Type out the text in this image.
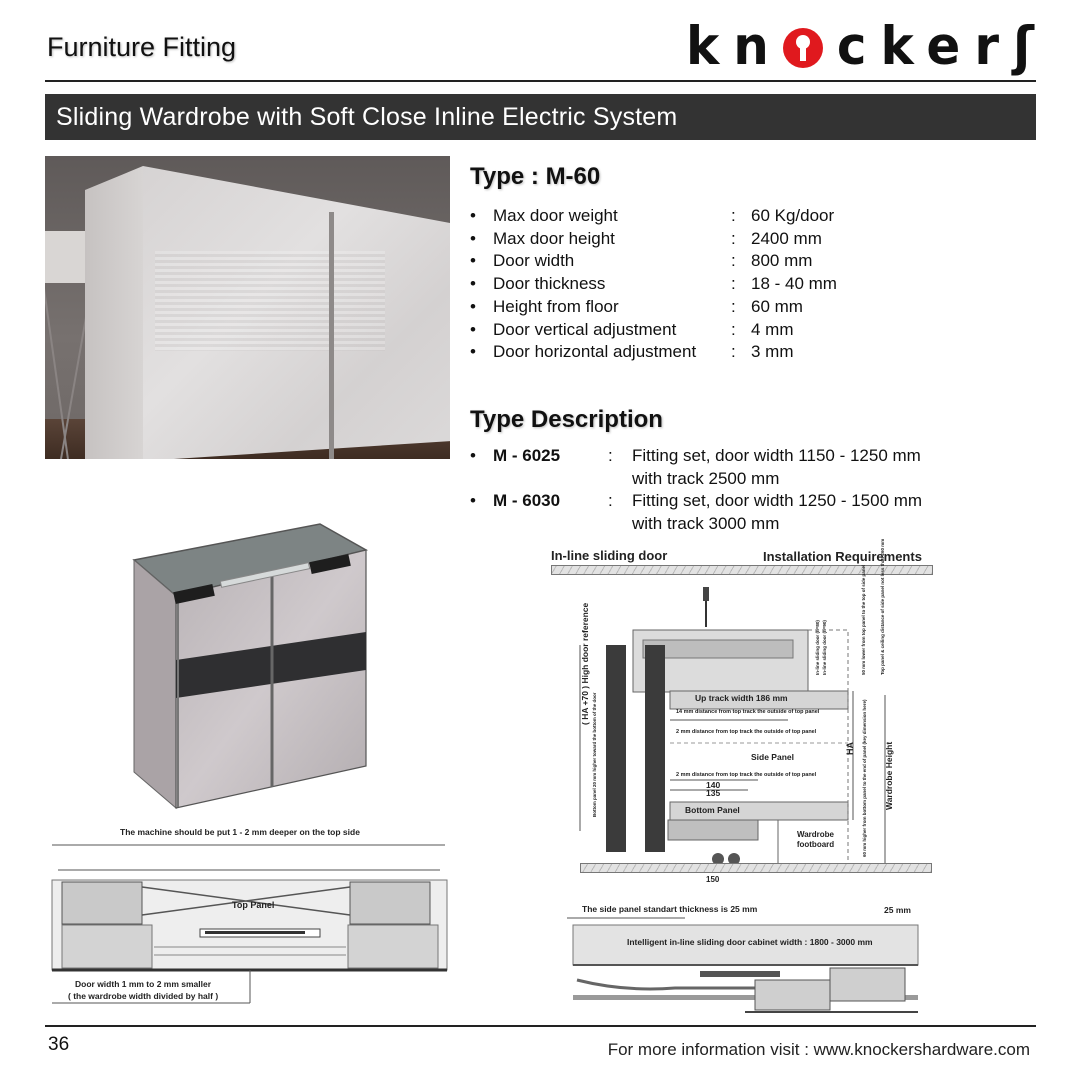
Furniture Fitting	kn ckerʃ
Sliding Wardrobe with Soft Close Inline Electric System
Type : M-60
•	Max door weight	: 60 Kg/door
•	Max door height	: 2400 mm
•	Door width	: 800 mm
•	Door thickness	: 18 - 40 mm
•	Height from floor	: 60 mm
•	Door vertical adjustment	: 4 mm
•	Door horizontal adjustment	: 3 mm
Type Description
•	M - 6025	:	Fitting set, door width 1150 - 1250 mm
with track 2500 mm
•	M - 6030	:	Fitting set, door width 1250 - 1500 mm
with track 3000 mm
In-line sliding door	Installation Requirements
Up track width 186 mm
14 mm distance from top track the outside of top panel
2 mm distance from top track the outside of top panel
Side Panel
2 mm distance from top track the outside of top panel
140
135
Bottom Panel
Wardrobe footboard
150
HA
( HA +70 ) High door reference
Bottom panel 20 mm higher toward the bottom of the door
In-line sliding door (h=80) In-line sliding door (h=90)	50 mm lower from top panel to the top of side panel	Top panel & ceiling distance of side panel not less than 260 mm
60 mm higher from bottom panel to the end of panel (key dimension here) Wardrobe Height
The machine should be put 1 - 2 mm deeper on the top side
Top Panel
Door width 1 mm to 2 mm smaller
( the wardrobe width divided by half )
The side panel standart thickness is 25 mm	25 mm
Intelligent in-line sliding door cabinet width : 1800 - 3000 mm
36	For more information visit : www.knockershardware.com
